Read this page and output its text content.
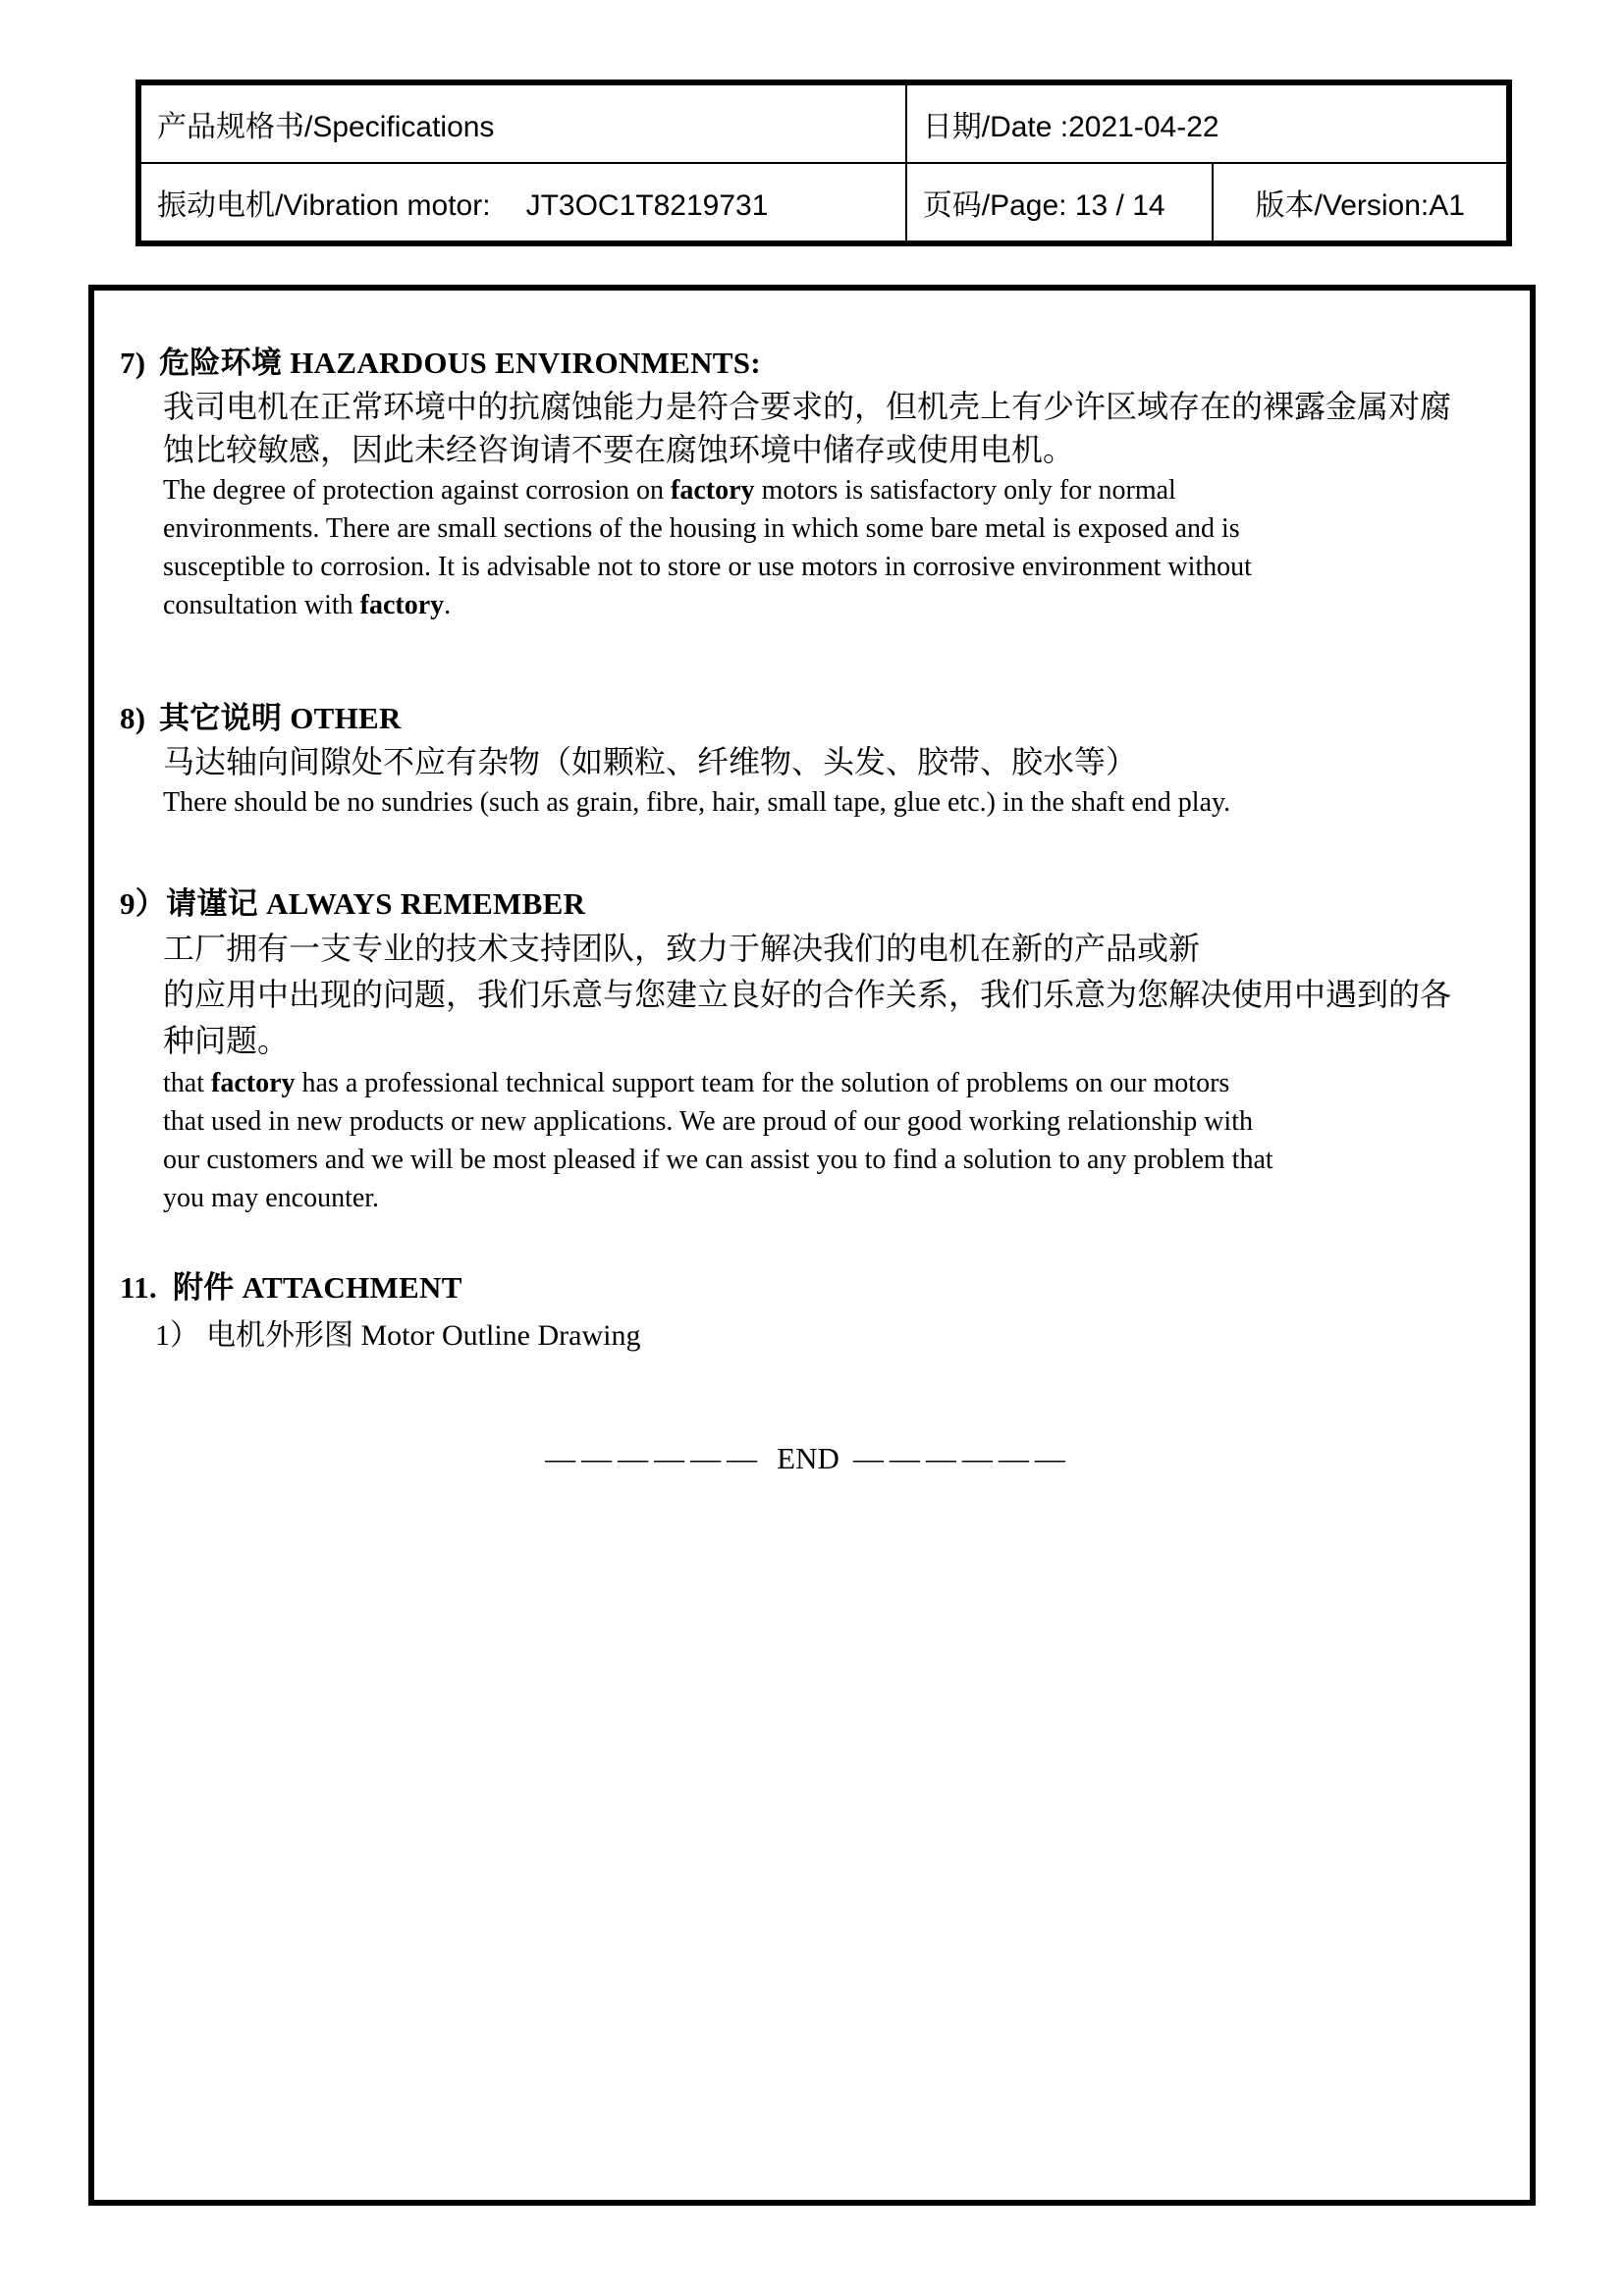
产品规格书/Specifications	日期/Date :2021-04-22	
振动电机/Vibration motor: JT3OC1T8219731	页码/Page: 13 / 14	版本/Version:A1
7) 危险环境 HAZARDOUS ENVIRONMENTS:
我司电机在正常环境中的抗腐蚀能力是符合要求的，但机壳上有少许区域存在的裸露金属对腐
蚀比较敏感，因此未经咨询请不要在腐蚀环境中储存或使用电机。
The degree of protection against corrosion on factory motors is satisfactory only for normal
environments. There are small sections of the housing in which some bare metal is exposed and is
susceptible to corrosion. It is advisable not to store or use motors in corrosive environment without
consultation with factory.
8) 其它说明 OTHER
马达轴向间隙处不应有杂物（如颗粒、纤维物、头发、胶带、胶水等）
There should be no sundries (such as grain, fibre, hair, small tape, glue etc.) in the shaft end play.
9）请谨记 ALWAYS REMEMBER
工厂拥有一支专业的技术支持团队，致力于解决我们的电机在新的产品或新
的应用中出现的问题，我们乐意与您建立良好的合作关系，我们乐意为您解决使用中遇到的各
种问题。
that factory has a professional technical support team for the solution of problems on our motors
that used in new products or new applications. We are proud of our good working relationship with
our customers and we will be most pleased if we can assist you to find a solution to any problem that
you may encounter.
11. 附件 ATTACHMENT
1） 电机外形图 Motor Outline Drawing
—————— END ——————
